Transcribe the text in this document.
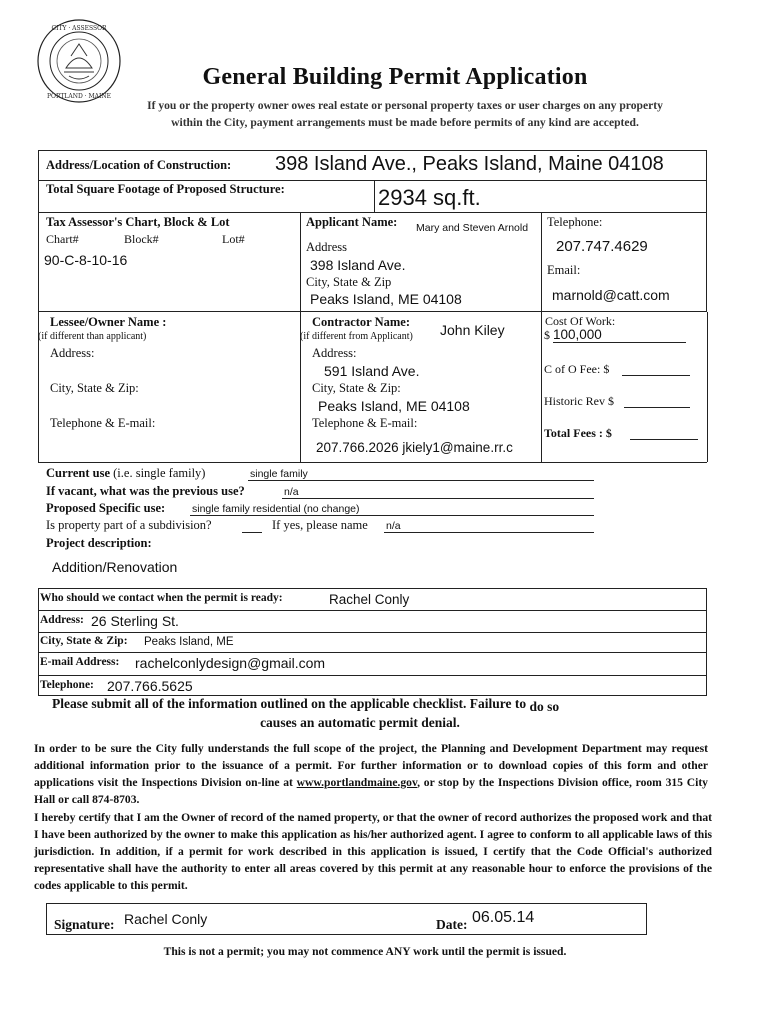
CITY · ASSESSOR
PORTLAND · MAINE
General Building Permit Application
If you or the property owner owes real estate or personal property taxes or user charges on any property
within the City, payment arrangements must be made before permits of any kind are accepted.
Address/Location of Construction: 398 Island Ave., Peaks Island, Maine 04108
Total Square Footage of Proposed Structure:	2934 sq.ft.
Tax Assessor's Chart, Block & Lot
Chart#	Block#	Lot#
90-C-8-10-16
Applicant Name: Mary and Steven Arnold
Address
398 Island Ave.
City, State & Zip
Peaks Island, ME 04108
Telephone:
207.747.4629
Email:
marnold@catt.com
Lessee/Owner Name :
(if different than applicant)
Address:
City, State & Zip:
Telephone & E-mail:
Contractor Name: John Kiley
(if different from Applicant)
Address:
591 Island Ave.
City, State & Zip:
Peaks Island, ME 04108
Telephone & E-mail:
207.766.2026 jkiely1@maine.rr.c
Cost Of Work:
$ 100,000
C of O Fee: $
Historic Rev $
Total Fees : $
Current use (i.e. single family)	single family
If vacant, what was the previous use?	n/a
Proposed Specific use:	single family residential (no change)
Is property part of a subdivision?	If yes, please name n/a
Project description:
Addition/Renovation
Who should we contact when the permit is ready:	Rachel Conly
Address: 26 Sterling St.
City, State & Zip: Peaks Island, ME
E-mail Address: rachelconlydesign@gmail.com
Telephone: 207.766.5625
Please submit all of the information outlined on the applicable checklist. Failure to do so
causes an automatic permit denial.
In order to be sure the City fully understands the full scope of the project, the Planning and Development Department may request additional information prior to the issuance of a permit. For further information or to download copies of this form and other applications visit the Inspections Division on-line at www.portlandmaine.gov, or stop by the Inspections Division office, room 315 City Hall or call 874-8703.
I hereby certify that I am the Owner of record of the named property, or that the owner of record authorizes the proposed work and that I have been authorized by the owner to make this application as his/her authorized agent. I agree to conform to all applicable laws of this jurisdiction. In addition, if a permit for work described in this application is issued, I certify that the Code Official's authorized representative shall have the authority to enter all areas covered by this permit at any reasonable hour to enforce the provisions of the codes applicable to this permit.
Signature: Rachel Conly	Date: 06.05.14
This is not a permit; you may not commence ANY work until the permit is issued.
